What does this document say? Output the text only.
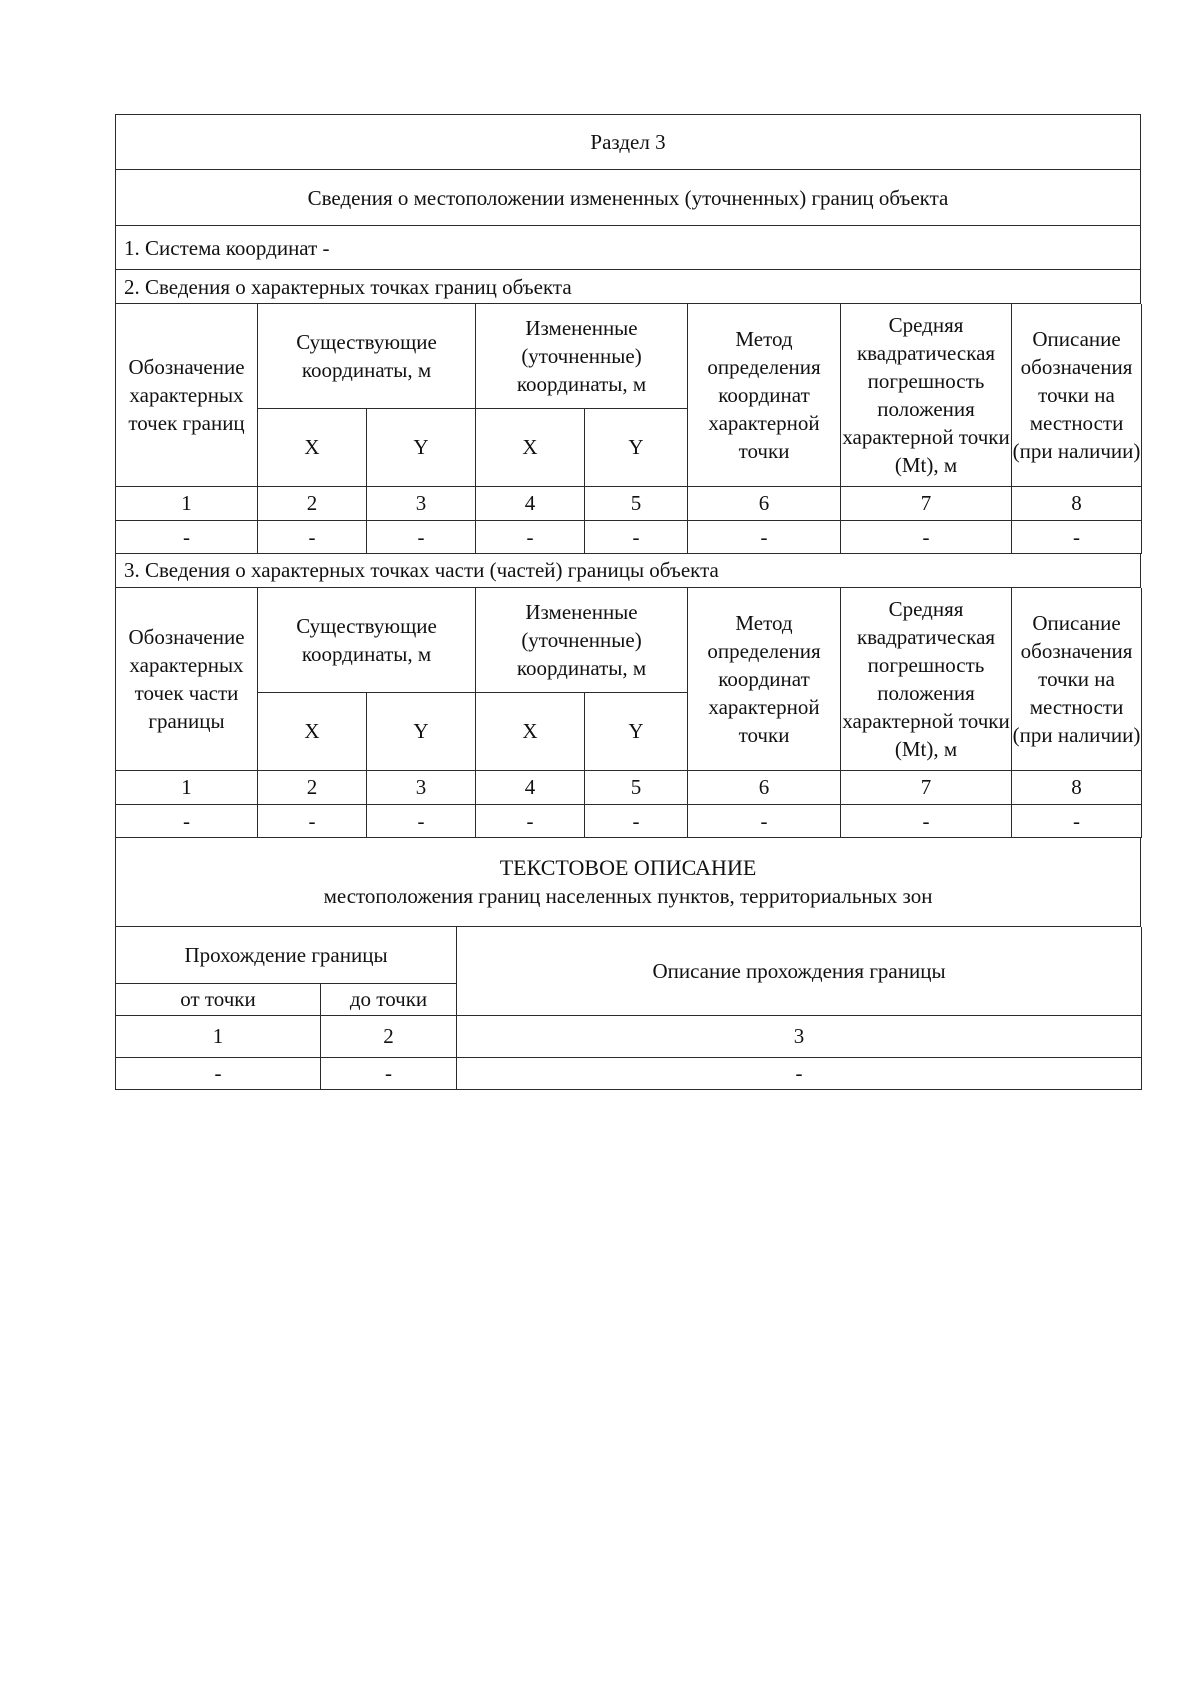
Раздел 3
Сведения о местоположении измененных (уточненных) границ объекта
1. Система координат -
2. Сведения о характерных точках границ объекта
Обозначение характерных точек границ	Существующие координаты, м		Измененные (уточненные) координаты, м		Метод определения координат характерной точки	Средняя квадратическая погрешность положения характерной точки (Mt), м	Описание обозначения точки на местности (при наличии)
	X	Y	X	Y			
1	2	3	4	5	6	7	8
-	-	-	-	-	-	-	-
3. Сведения о характерных точках части (частей) границы объекта
Обозначение характерных точек части границы	Существующие координаты, м		Измененные (уточненные) координаты, м		Метод определения координат характерной точки	Средняя квадратическая погрешность положения характерной точки (Mt), м	Описание обозначения точки на местности (при наличии)
	X	Y	X	Y			
1	2	3	4	5	6	7	8
-	-	-	-	-	-	-	-
ТЕКСТОВОЕ ОПИСАНИЕ
местоположения границ населенных пунктов, территориальных зон
Прохождение границы		Описание прохождения границы
от точки	до точки	
1	2	3
-	-	-
